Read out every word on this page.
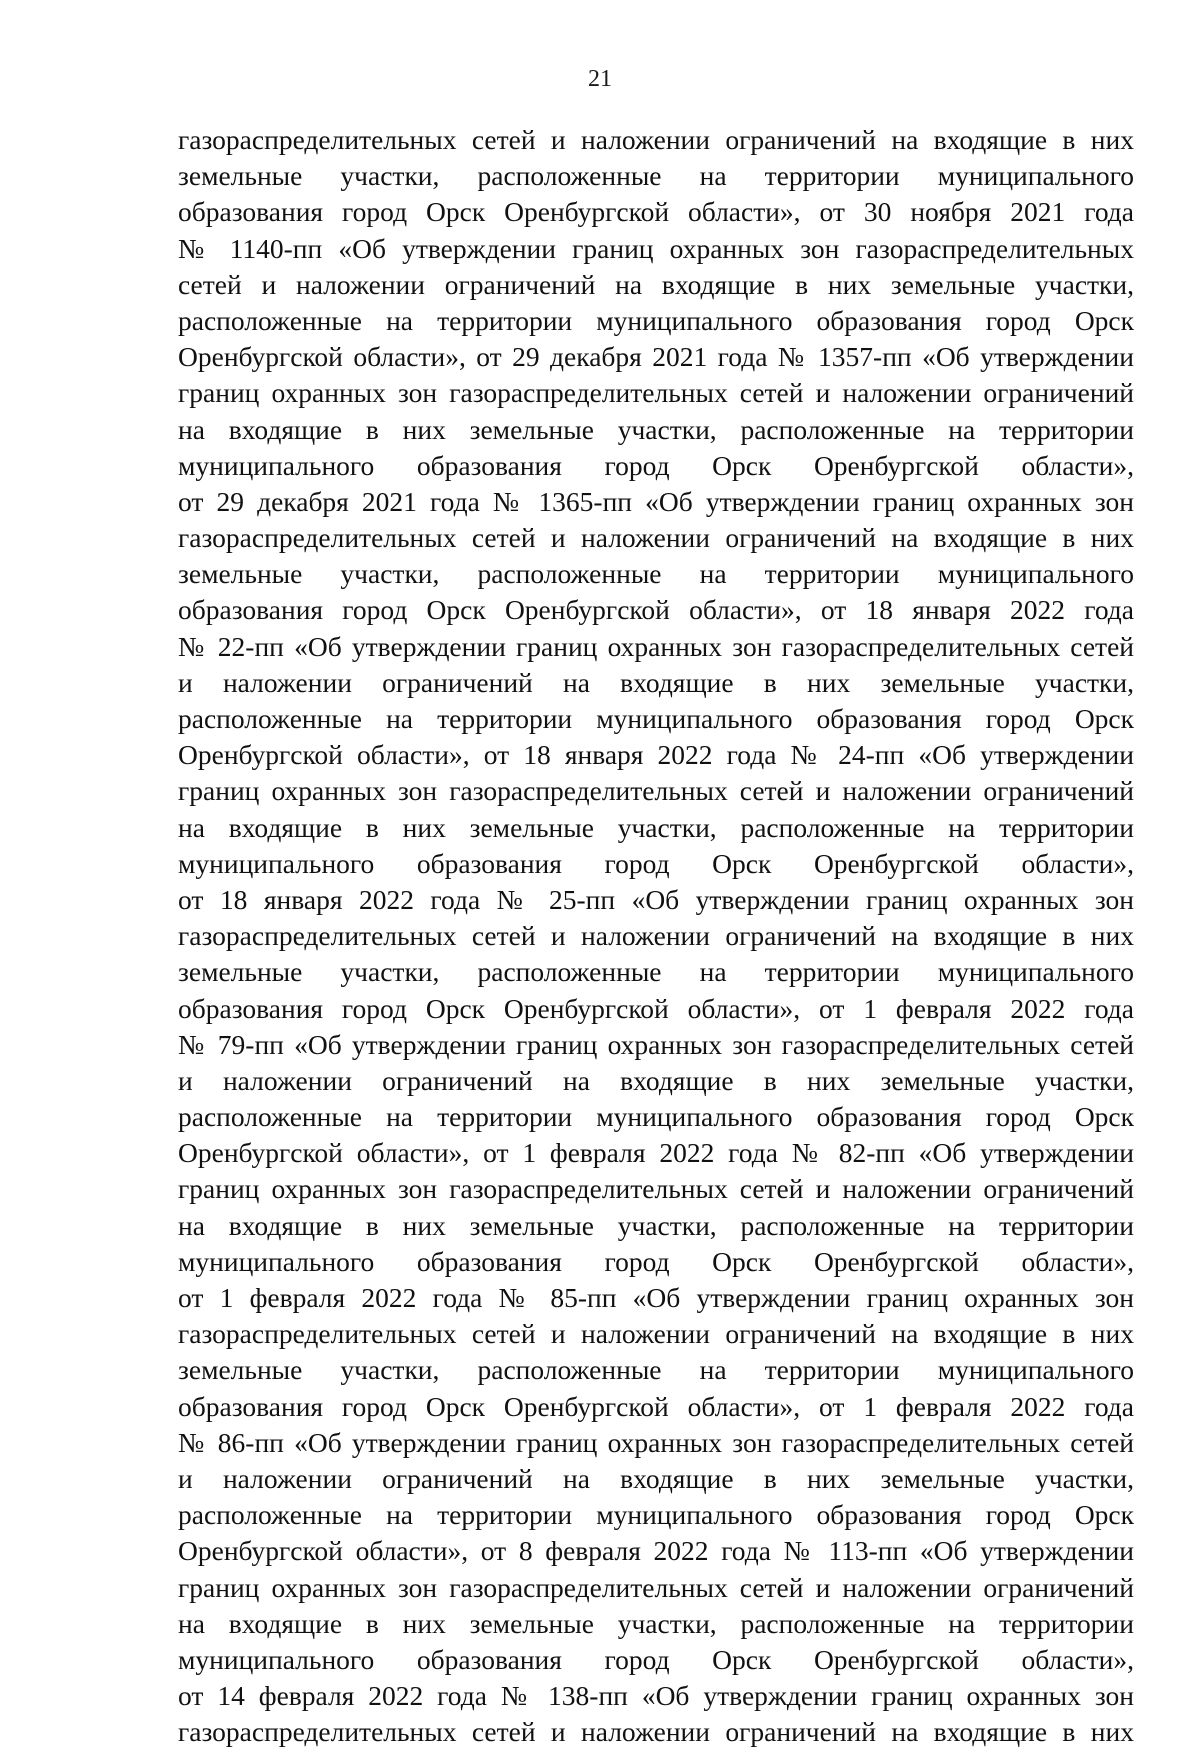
21
газораспределительных сетей и наложении ограничений на входящие в них
земельные участки, расположенные на территории муниципального
образования город Орск Оренбургской области», от 30 ноября 2021 года
№ 1140-пп «Об утверждении границ охранных зон газораспределительных
сетей и наложении ограничений на входящие в них земельные участки,
расположенные на территории муниципального образования город Орск
Оренбургской области», от 29 декабря 2021 года № 1357-пп «Об утверждении
границ охранных зон газораспределительных сетей и наложении ограничений
на входящие в них земельные участки, расположенные на территории
муниципального образования город Орск Оренбургской области»,
от 29 декабря 2021 года № 1365-пп «Об утверждении границ охранных зон
газораспределительных сетей и наложении ограничений на входящие в них
земельные участки, расположенные на территории муниципального
образования город Орск Оренбургской области», от 18 января 2022 года
№ 22-пп «Об утверждении границ охранных зон газораспределительных сетей
и наложении ограничений на входящие в них земельные участки,
расположенные на территории муниципального образования город Орск
Оренбургской области», от 18 января 2022 года № 24-пп «Об утверждении
границ охранных зон газораспределительных сетей и наложении ограничений
на входящие в них земельные участки, расположенные на территории
муниципального образования город Орск Оренбургской области»,
от 18 января 2022 года № 25-пп «Об утверждении границ охранных зон
газораспределительных сетей и наложении ограничений на входящие в них
земельные участки, расположенные на территории муниципального
образования город Орск Оренбургской области», от 1 февраля 2022 года
№ 79-пп «Об утверждении границ охранных зон газораспределительных сетей
и наложении ограничений на входящие в них земельные участки,
расположенные на территории муниципального образования город Орск
Оренбургской области», от 1 февраля 2022 года № 82-пп «Об утверждении
границ охранных зон газораспределительных сетей и наложении ограничений
на входящие в них земельные участки, расположенные на территории
муниципального образования город Орск Оренбургской области»,
от 1 февраля 2022 года № 85-пп «Об утверждении границ охранных зон
газораспределительных сетей и наложении ограничений на входящие в них
земельные участки, расположенные на территории муниципального
образования город Орск Оренбургской области», от 1 февраля 2022 года
№ 86-пп «Об утверждении границ охранных зон газораспределительных сетей
и наложении ограничений на входящие в них земельные участки,
расположенные на территории муниципального образования город Орск
Оренбургской области», от 8 февраля 2022 года № 113-пп «Об утверждении
границ охранных зон газораспределительных сетей и наложении ограничений
на входящие в них земельные участки, расположенные на территории
муниципального образования город Орск Оренбургской области»,
от 14 февраля 2022 года № 138-пп «Об утверждении границ охранных зон
газораспределительных сетей и наложении ограничений на входящие в них
